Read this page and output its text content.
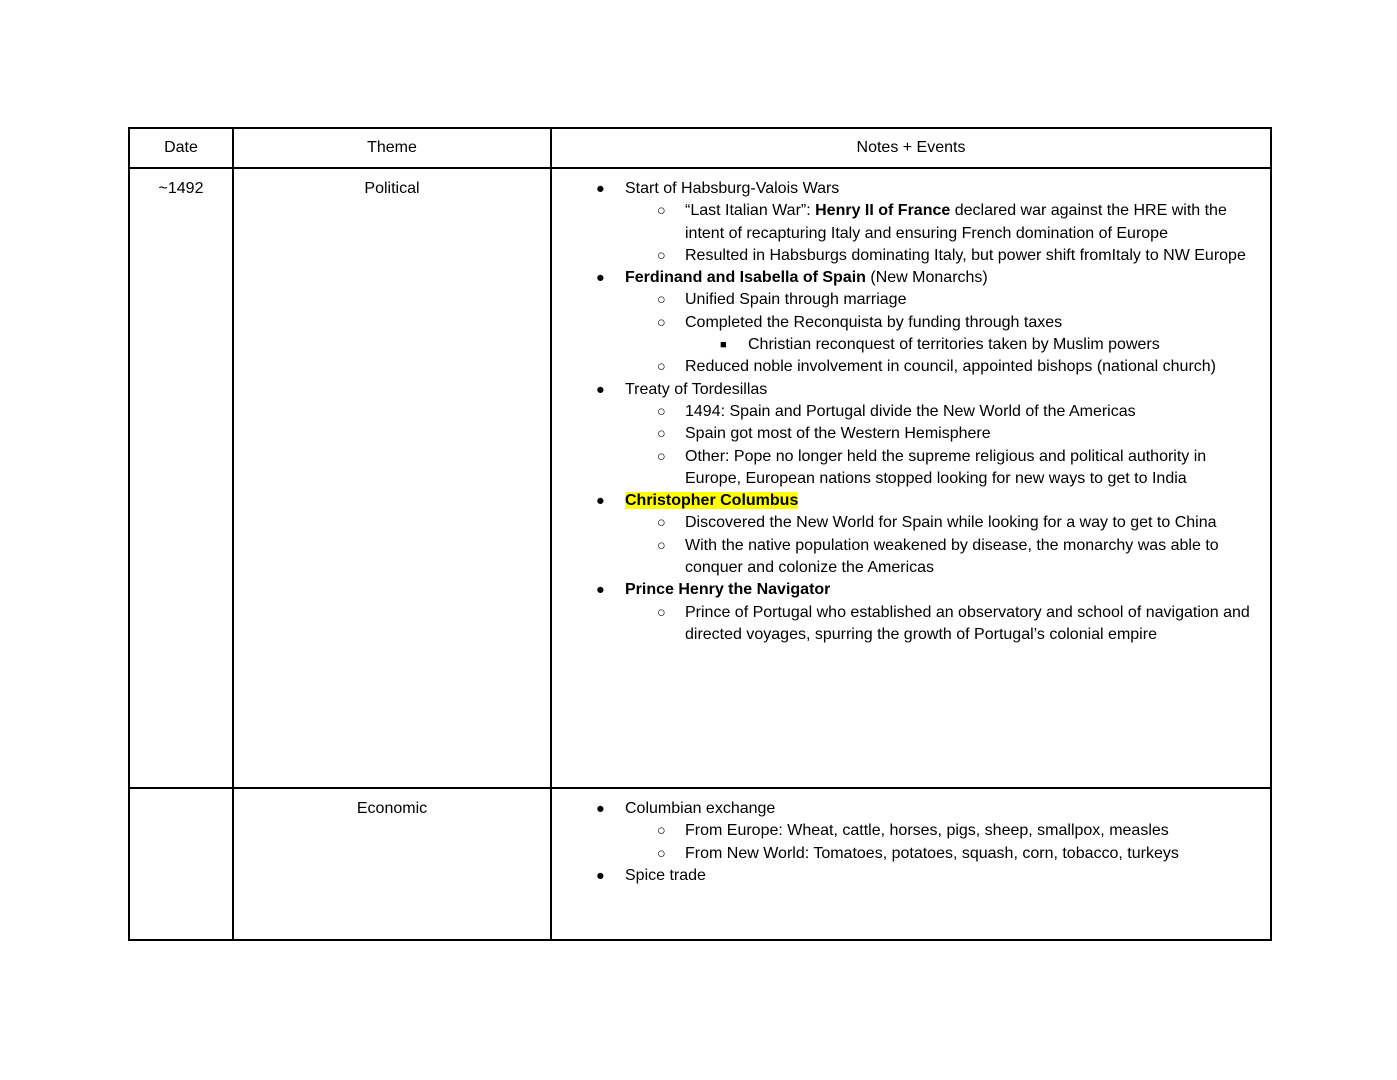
Date	Theme	Notes + Events
~1492	Political	●	Start of Habsburg-Valois Wars
○	“Last Italian War”: Henry II of France declared war against the HRE with the intent of recapturing Italy and ensuring French domination of Europe
○	Resulted in Habsburgs dominating Italy, but power shift fromItaly to NW Europe
●	Ferdinand and Isabella of Spain (New Monarchs)
○	Unified Spain through marriage
○	Completed the Reconquista by funding through taxes
■	Christian reconquest of territories taken by Muslim powers
○	Reduced noble involvement in council, appointed bishops (national church)
●	Treaty of Tordesillas
○	1494: Spain and Portugal divide the New World of the Americas
○	Spain got most of the Western Hemisphere
○	Other: Pope no longer held the supreme religious and political authority in Europe, European nations stopped looking for new ways to get to India
●	Christopher Columbus
○	Discovered the New World for Spain while looking for a way to get to China
○	With the native population weakened by disease, the monarchy was able to conquer and colonize the Americas
●	Prince Henry the Navigator
○	Prince of Portugal who established an observatory and school of navigation and directed voyages, spurring the growth of Portugal’s colonial empire

	Economic	●	Columbian exchange
○	From Europe: Wheat, cattle, horses, pigs, sheep, smallpox, measles
○	From New World: Tomatoes, potatoes, squash, corn, tobacco, turkeys
●	Spice trade
